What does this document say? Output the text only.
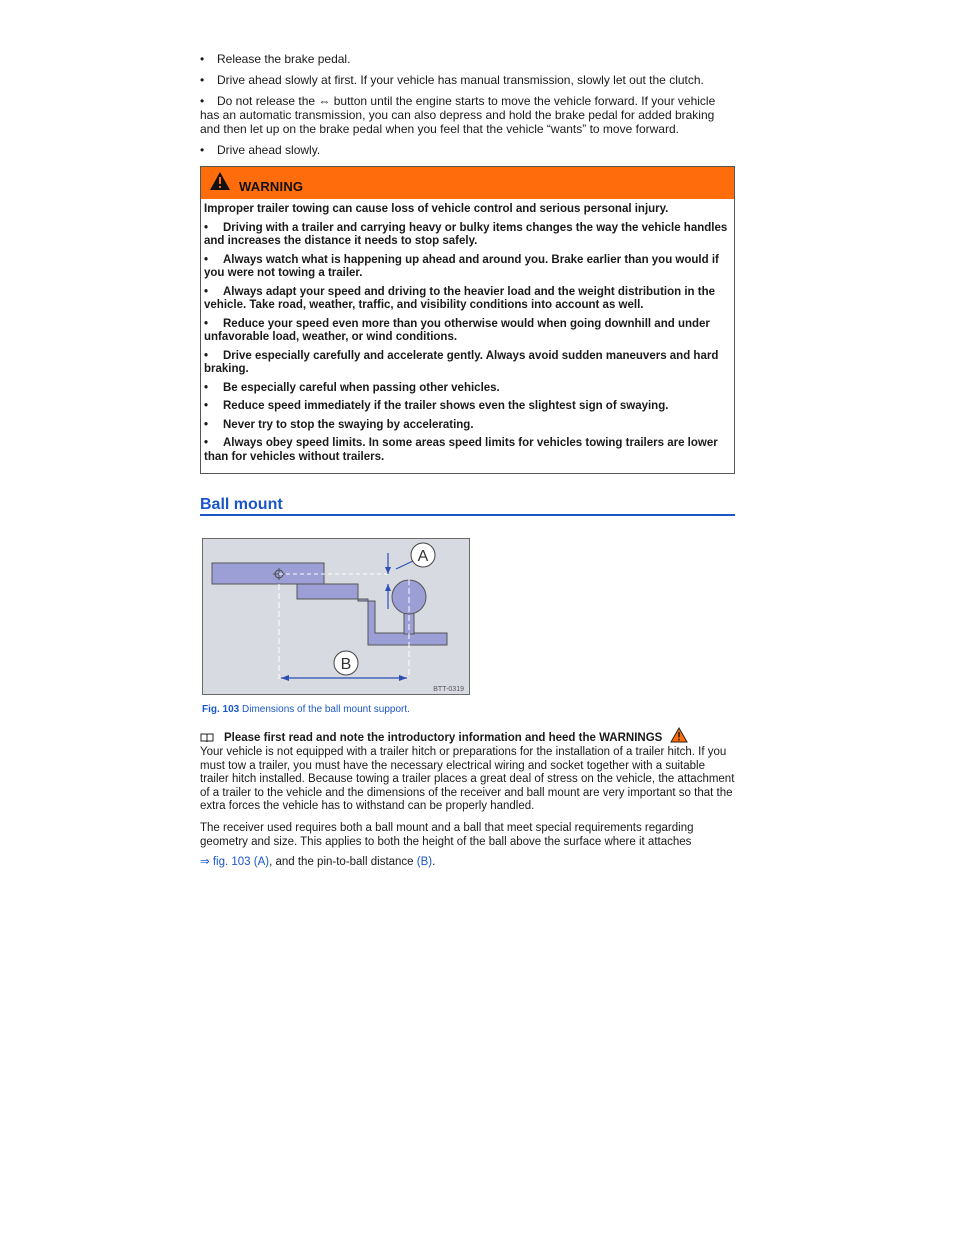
• Release the brake pedal.
• Drive ahead slowly at first. If your vehicle has manual transmission, slowly let out the clutch.
• Do not release the ⇔ button until the engine starts to move the vehicle forward. If your vehicle has an automatic transmission, you can also depress and hold the brake pedal for added braking and then let up on the brake pedal when you feel that the vehicle “wants” to move forward.
• Drive ahead slowly.
WARNING
Improper trailer towing can cause loss of vehicle control and serious personal injury.
• Driving with a trailer and carrying heavy or bulky items changes the way the vehicle handles and increases the distance it needs to stop safely.
• Always watch what is happening up ahead and around you. Brake earlier than you would if you were not towing a trailer.
• Always adapt your speed and driving to the heavier load and the weight distribution in the vehicle. Take road, weather, traffic, and visibility conditions into account as well.
• Reduce your speed even more than you otherwise would when going downhill and under unfavorable load, weather, or wind conditions.
• Drive especially carefully and accelerate gently. Always avoid sudden maneuvers and hard braking.
• Be especially careful when passing other vehicles.
• Reduce speed immediately if the trailer shows even the slightest sign of swaying.
• Never try to stop the swaying by accelerating.
• Always obey speed limits. In some areas speed limits for vehicles towing trailers are lower than for vehicles without trailers.
Ball mount
A
B
BTT-0319
Fig. 103 Dimensions of the ball mount support.
Please first read and note the introductory information and heed the WARNINGS
Your vehicle is not equipped with a trailer hitch or preparations for the installation of a trailer hitch. If you must tow a trailer, you must have the necessary electrical wiring and socket together with a suitable trailer hitch installed. Because towing a trailer places a great deal of stress on the vehicle, the attachment of a trailer to the vehicle and the dimensions of the receiver and ball mount are very important so that the extra forces the vehicle has to withstand can be properly handled.
The receiver used requires both a ball mount and a ball that meet special requirements regarding geometry and size. This applies to both the height of the ball above the surface where it attaches
⇒ fig. 103 (A), and the pin-to-ball distance (B).
